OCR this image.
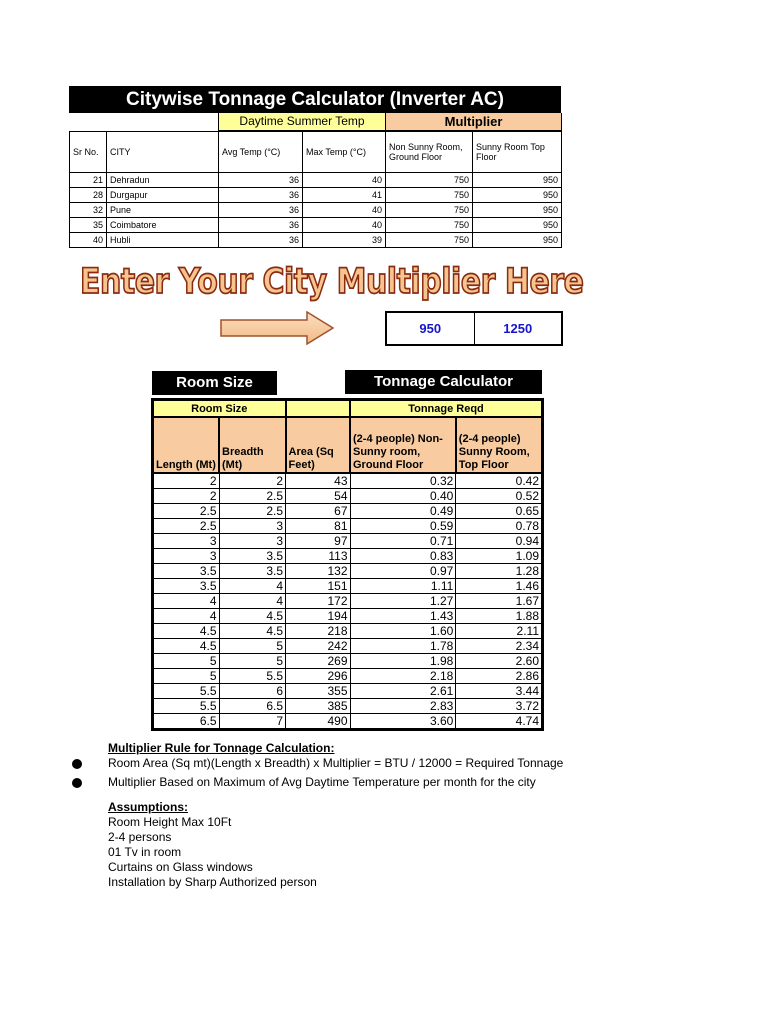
Citywise Tonnage Calculator (Inverter AC)
Daytime Summer Temp	Multiplier
Sr No.	CITY	Avg Temp (°C)	Max Temp (°C)	Non Sunny Room, Ground Floor	Sunny Room Top Floor
21	Dehradun	36	40	750	950
28	Durgapur	36	41	750	950
32	Pune	36	40	750	950
35	Coimbatore	36	40	750	950
40	Hubli	36	39	750	950
Enter Your City Multiplier Here
950	1250
Room Size	Tonnage Calculator
Room Size			Tonnage Reqd	
Length (Mt)	Breadth (Mt)	Area (Sq Feet)	(2-4 people) Non-Sunny room, Ground Floor	(2-4 people) Sunny Room, Top Floor
2	2	43	0.32	0.42
2	2.5	54	0.40	0.52
2.5	2.5	67	0.49	0.65
2.5	3	81	0.59	0.78
3	3	97	0.71	0.94
3	3.5	113	0.83	1.09
3.5	3.5	132	0.97	1.28
3.5	4	151	1.11	1.46
4	4	172	1.27	1.67
4	4.5	194	1.43	1.88
4.5	4.5	218	1.60	2.11
4.5	5	242	1.78	2.34
5	5	269	1.98	2.60
5	5.5	296	2.18	2.86
5.5	6	355	2.61	3.44
5.5	6.5	385	2.83	3.72
6.5	7	490	3.60	4.74
Multiplier Rule for Tonnage Calculation:
Room Area (Sq mt)(Length x Breadth) x Multiplier = BTU / 12000 = Required Tonnage
Multiplier Based on Maximum of Avg Daytime Temperature per month for the city
Assumptions:
Room Height Max 10Ft
2-4 persons
01 Tv in room
Curtains on Glass windows
Installation by Sharp Authorized person
